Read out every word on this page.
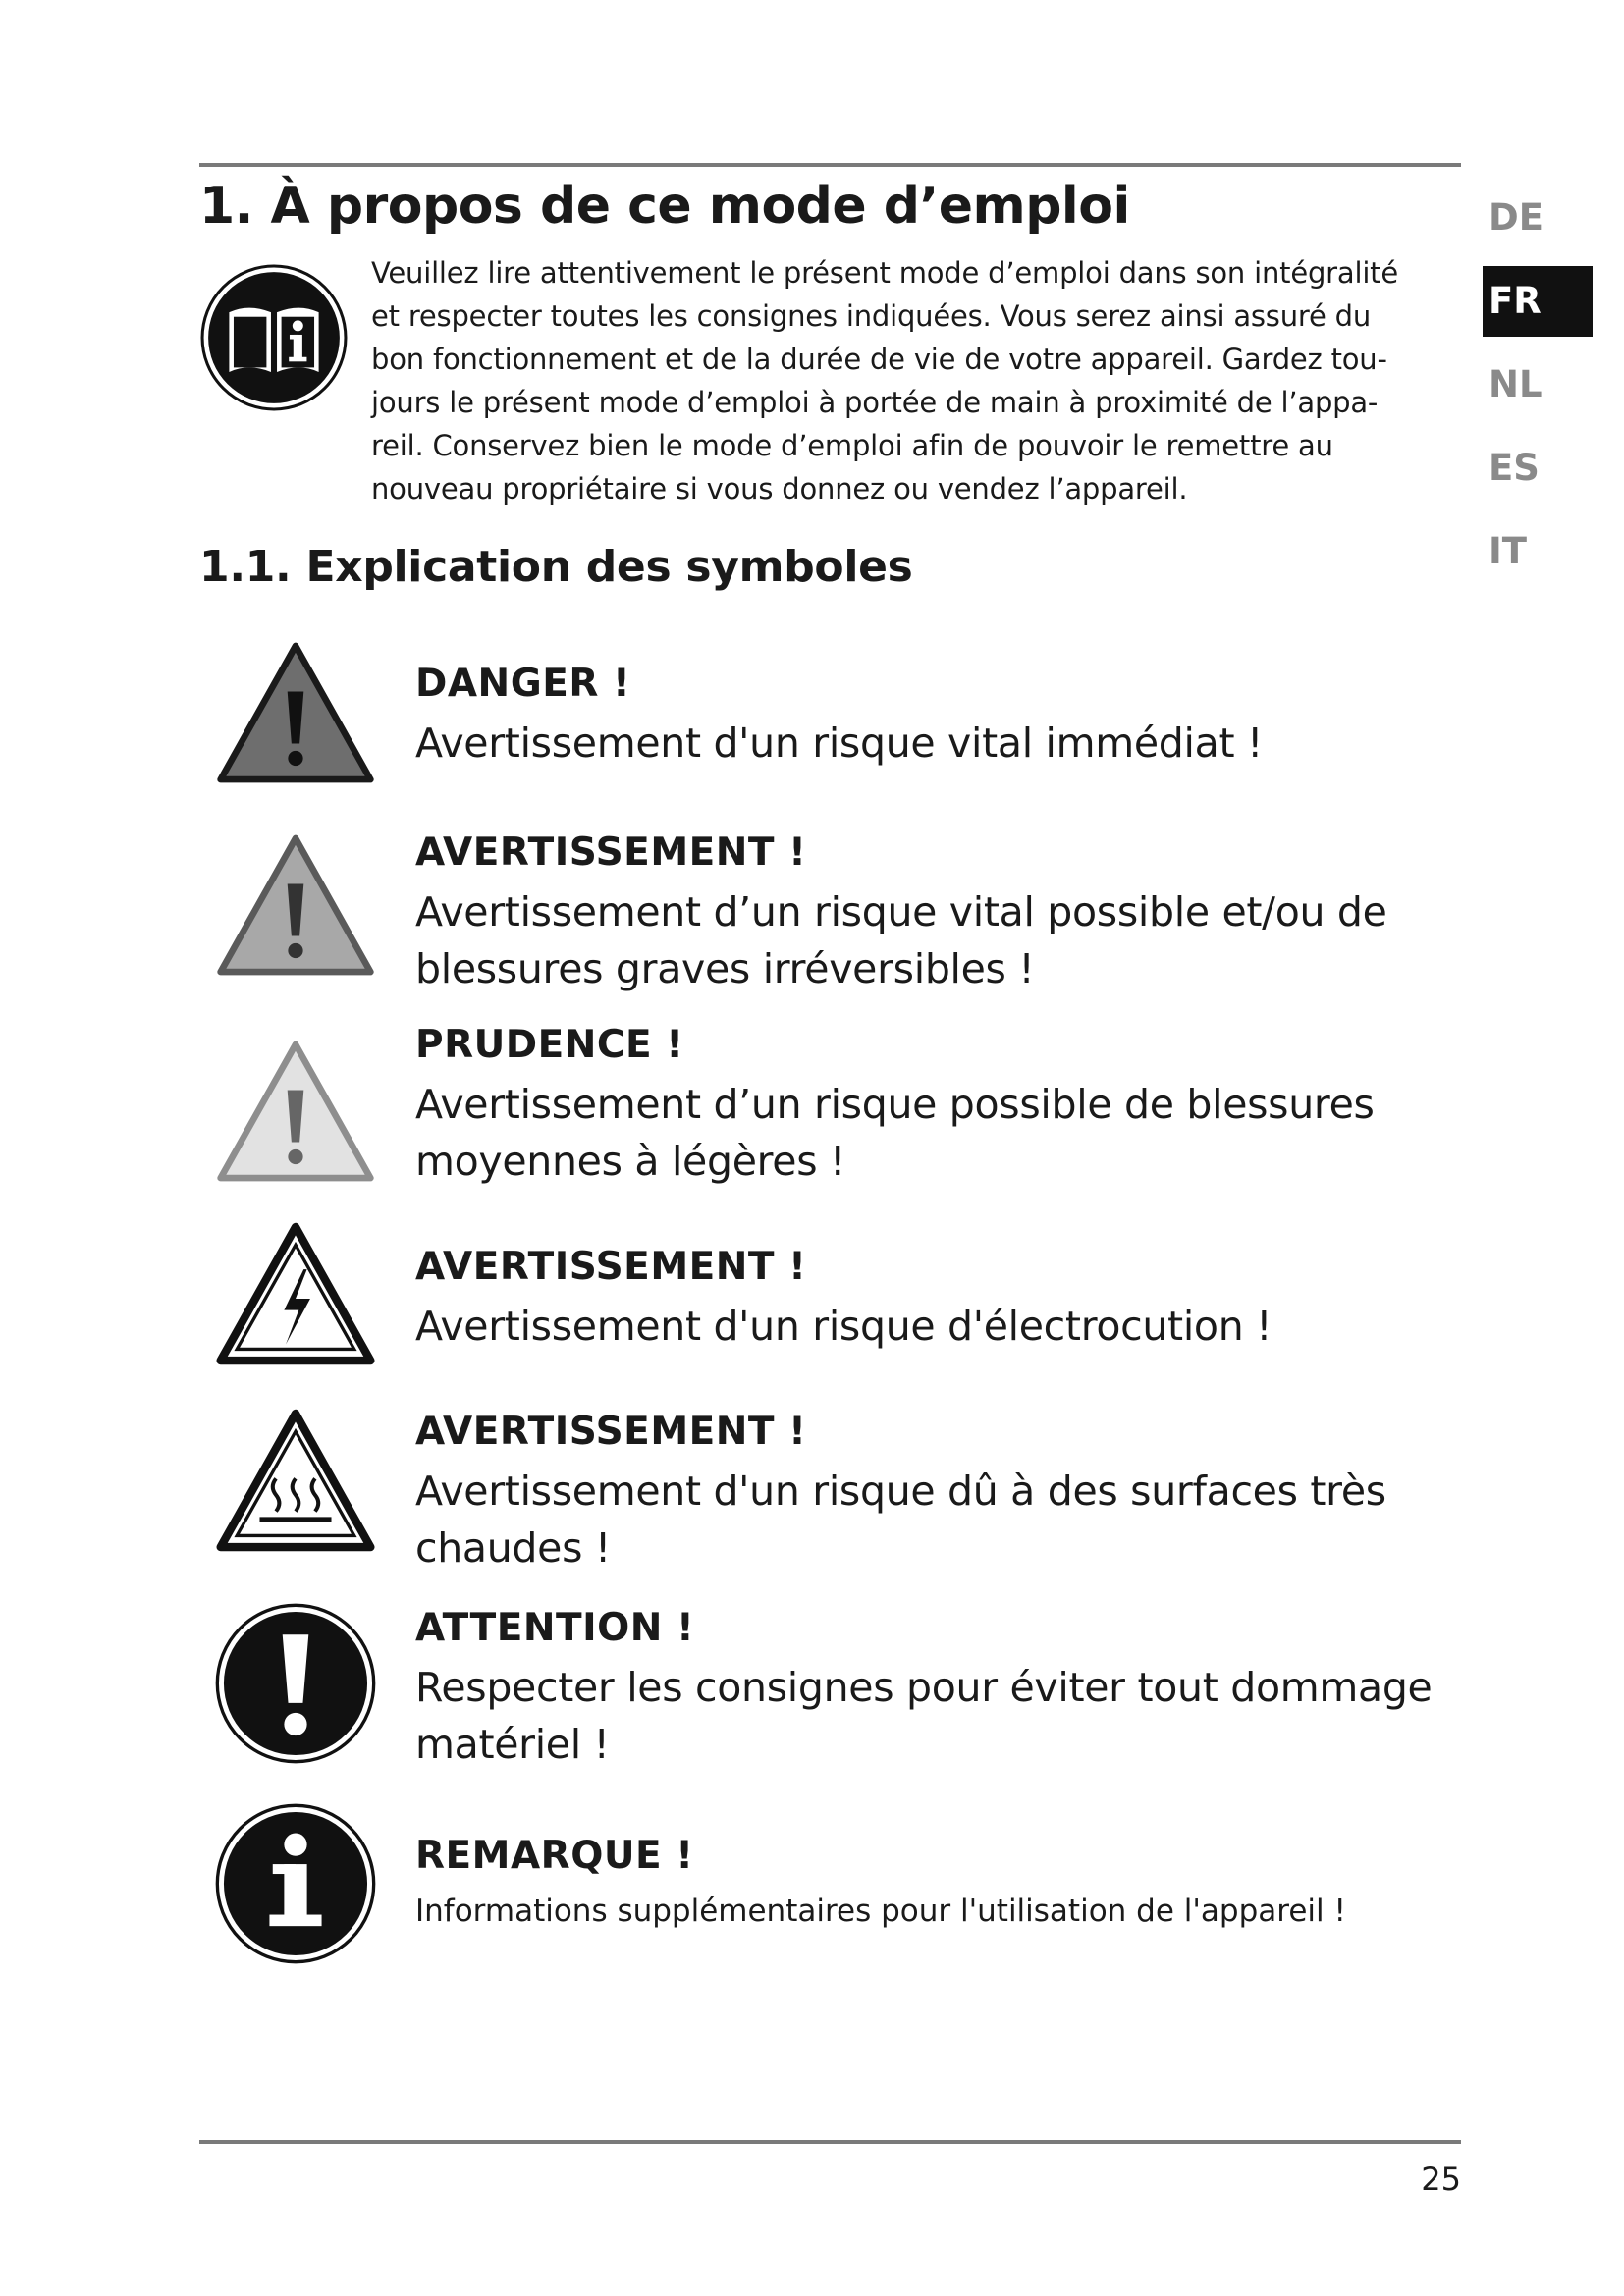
1. À propos de ce mode d’emploi
Veuillez lire attentivement le présent mode d’emploi dans son intégralité
et respecter toutes les consignes indiquées. Vous serez ainsi assuré du
bon fonctionnement et de la durée de vie de votre appareil. Gardez tou-
jours le présent mode d’emploi à portée de main à proximité de l’appa-
reil. Conservez bien le mode d’emploi afin de pouvoir le remettre au
nouveau propriétaire si vous donnez ou vendez l’appareil.
DE
FR
NL
ES
IT
1.1. Explication des symboles
DANGER !
Avertissement d'un risque vital immédiat !
AVERTISSEMENT !
Avertissement d’un risque vital possible et/ou de
blessures graves irréversibles !
PRUDENCE !
Avertissement d’un risque possible de blessures
moyennes à légères !
AVERTISSEMENT !
Avertissement d'un risque d'électrocution !
AVERTISSEMENT !
Avertissement d'un risque dû à des surfaces très
chaudes !
ATTENTION !
Respecter les consignes pour éviter tout dommage
matériel !
REMARQUE !
Informations supplémentaires pour l'utilisation de l'appareil !
25
